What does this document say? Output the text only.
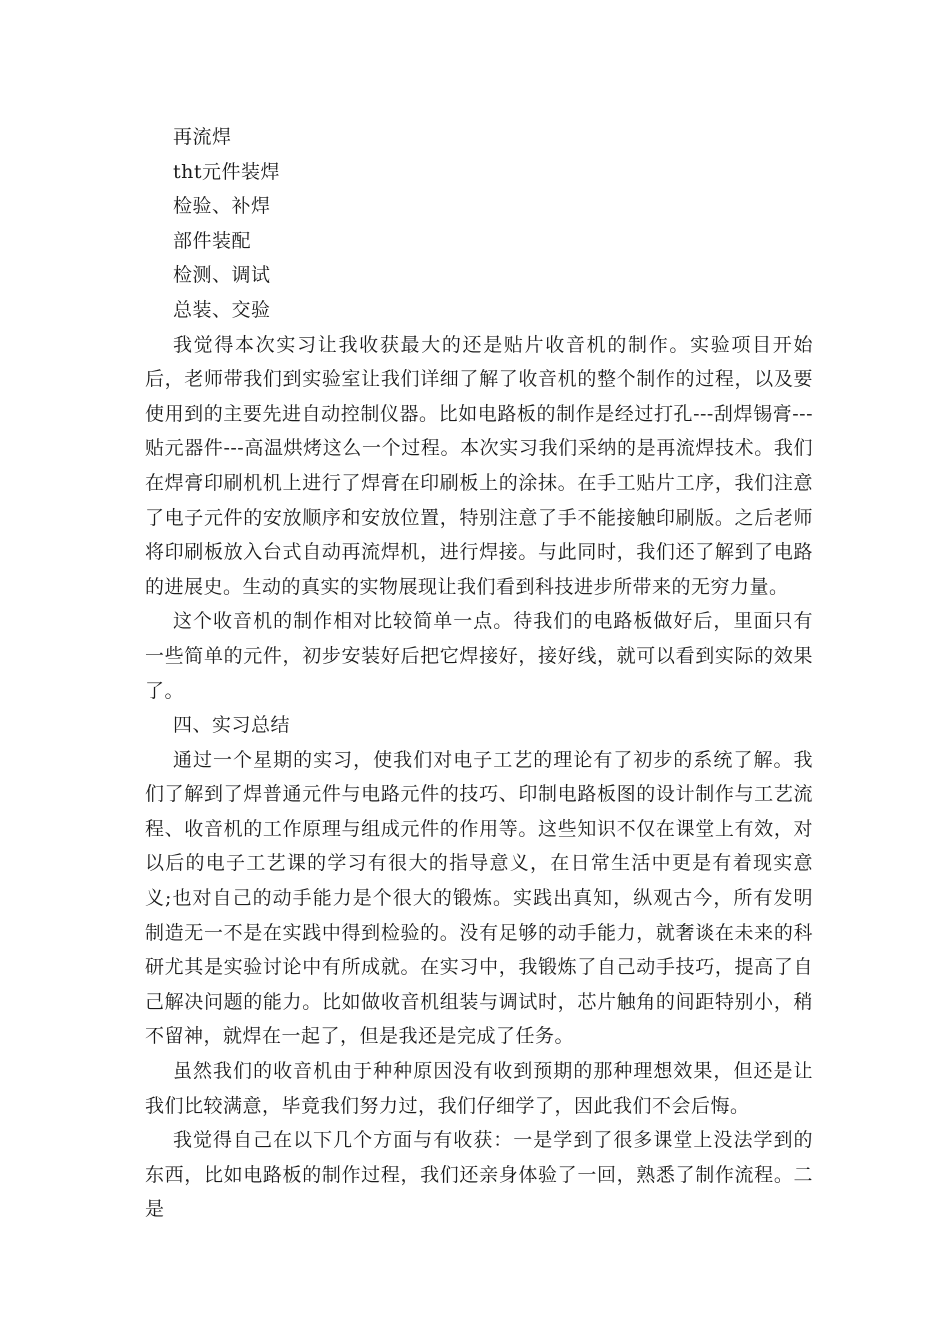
再流焊

tht元件装焊

检验、补焊

部件装配

检测、调试

总装、交验

我觉得本次实习让我收获最大的还是贴片收音机的制作。实验项目开始后，老师带我们到实验室让我们详细了解了收音机的整个制作的过程，以及要使用到的主要先进自动控制仪器。比如电路板的制作是经过打孔---刮焊锡膏---贴元器件---高温烘烤这么一个过程。本次实习我们采纳的是再流焊技术。我们在焊膏印刷机机上进行了焊膏在印刷板上的涂抹。在手工贴片工序，我们注意了电子元件的安放顺序和安放位置，特别注意了手不能接触印刷版。之后老师将印刷板放入台式自动再流焊机，进行焊接。与此同时，我们还了解到了电路的进展史。生动的真实的实物展现让我们看到科技进步所带来的无穷力量。

这个收音机的制作相对比较简单一点。待我们的电路板做好后，里面只有一些简单的元件，初步安装好后把它焊接好，接好线，就可以看到实际的效果了。

四、实习总结

通过一个星期的实习，使我们对电子工艺的理论有了初步的系统了解。我们了解到了焊普通元件与电路元件的技巧、印制电路板图的设计制作与工艺流程、收音机的工作原理与组成元件的作用等。这些知识不仅在课堂上有效，对以后的电子工艺课的学习有很大的指导意义，在日常生活中更是有着现实意义;也对自己的动手能力是个很大的锻炼。实践出真知，纵观古今，所有发明制造无一不是在实践中得到检验的。没有足够的动手能力，就奢谈在未来的科研尤其是实验讨论中有所成就。在实习中，我锻炼了自己动手技巧，提高了自己解决问题的能力。比如做收音机组装与调试时，芯片触角的间距特别小，稍不留神，就焊在一起了，但是我还是完成了任务。

虽然我们的收音机由于种种原因没有收到预期的那种理想效果，但还是让我们比较满意，毕竟我们努力过，我们仔细学了，因此我们不会后悔。

我觉得自己在以下几个方面与有收获：一是学到了很多课堂上没法学到的东西，比如电路板的制作过程，我们还亲身体验了一回，熟悉了制作流程。二是
